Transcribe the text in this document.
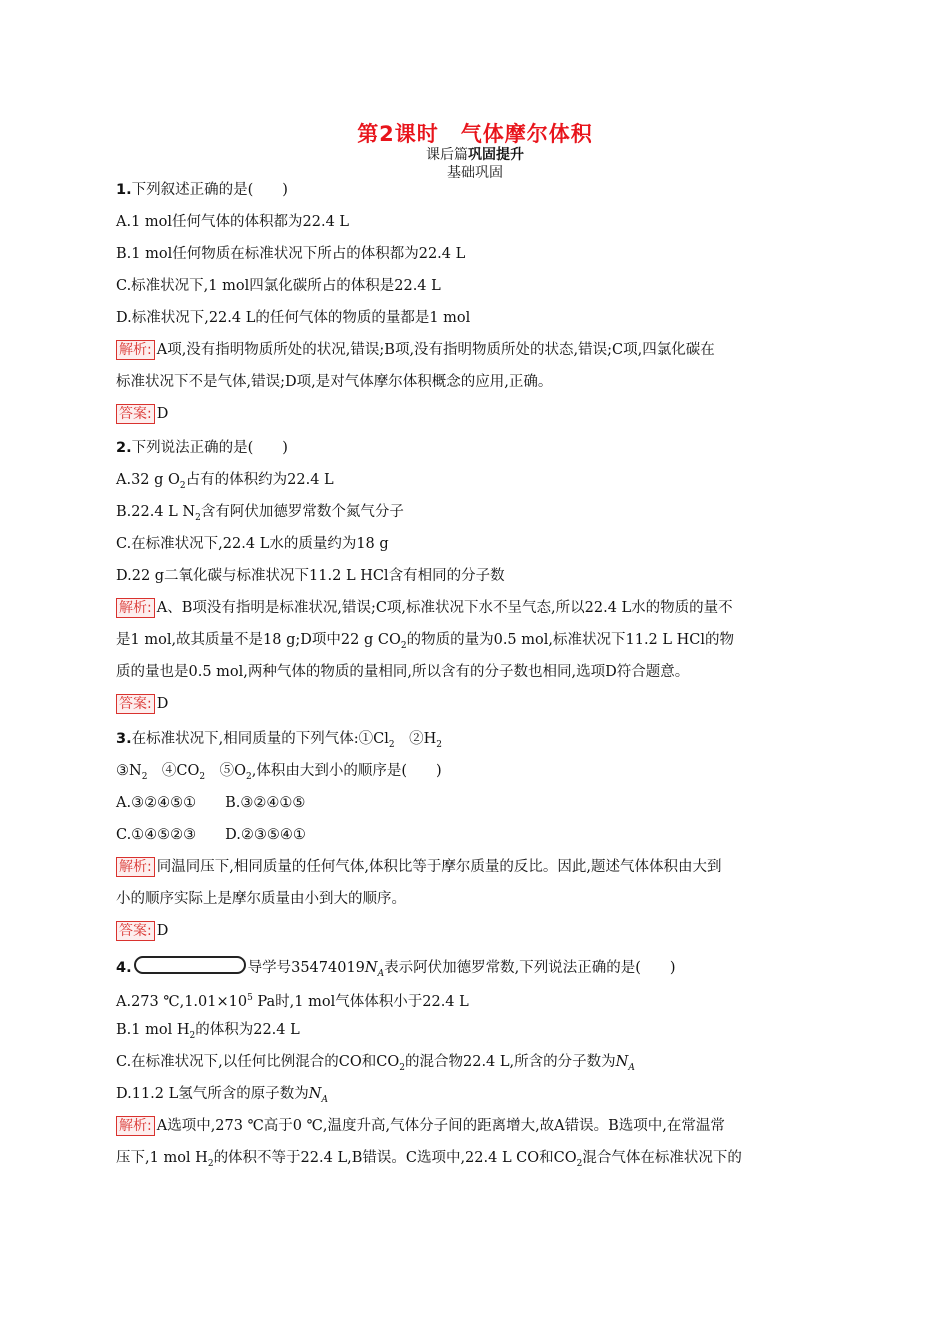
第2课时　气体摩尔体积
课后篇巩固提升
基础巩固
1.下列叙述正确的是(　　)
A.1 mol任何气体的体积都为22.4 L
B.1 mol任何物质在标准状况下所占的体积都为22.4 L
C.标准状况下,1 mol四氯化碳所占的体积是22.4 L
D.标准状况下,22.4 L的任何气体的物质的量都是1 mol
解析: A项,没有指明物质所处的状况,错误;B项,没有指明物质所处的状态,错误;C项,四氯化碳在
标准状况下不是气体,错误;D项,是对气体摩尔体积概念的应用,正确。
答案: D
2.下列说法正确的是(　　)
A.32 g $O_2$占有的体积约为22.4 L
B.22.4 L $N_2$含有阿伏加德罗常数个氮气分子
C.在标准状况下,22.4 L水的质量约为18 g
D.22 g二氧化碳与标准状况下11.2 L HCl含有相同的分子数
解析: A、B项没有指明是标准状况,错误;C项,标准状况下水不呈气态,所以22.4 L水的物质的量不
是1 mol,故其质量不是18 g;D项中22 g $CO_2$的物质的量为0.5 mol,标准状况下11.2 L HCl的物
质的量也是0.5 mol,两种气体的物质的量相同,所以含有的分子数也相同,选项D符合题意。
答案: D
3.在标准状况下,相同质量的下列气体$:①Cl_2$　$②H_2$
$③N_2$　$④CO_2$　$⑤O_2$,体积由大到小的顺序是(　　)
A.③②④⑤①　　B.③②④①⑤
C.①④⑤②③　　D.②③⑤④①
解析: 同温同压下,相同质量的任何气体,体积比等于摩尔质量的反比。因此,题述气体体积由大到
小的顺序实际上是摩尔质量由小到大的顺序。
答案: D
4.	导学号$35474019N_A$表示阿伏加德罗常数,下列说法正确的是(　　)
A.273 $℃,1.01\times 10^5$ Pa时,1 mol气体体积小于22.4 L
B.1 mol $H_2$的体积为22.4 L
C.在标准状况下,以任何比例混合的CO和$CO_2$的混合物22.4 L,所含的分子数为$N_A$
D.11.2 L氢气所含的原子数为$N_A$
解析: A选项中,273 ℃高于0 ℃,温度升高,气体分子间的距离增大,故A错误。B选项中,在常温常
压下,1 mol $H_2$的体积不等于22.4 L,B错误。C选项中,22.4 L CO和$CO_2$混合气体在标准状况下的
